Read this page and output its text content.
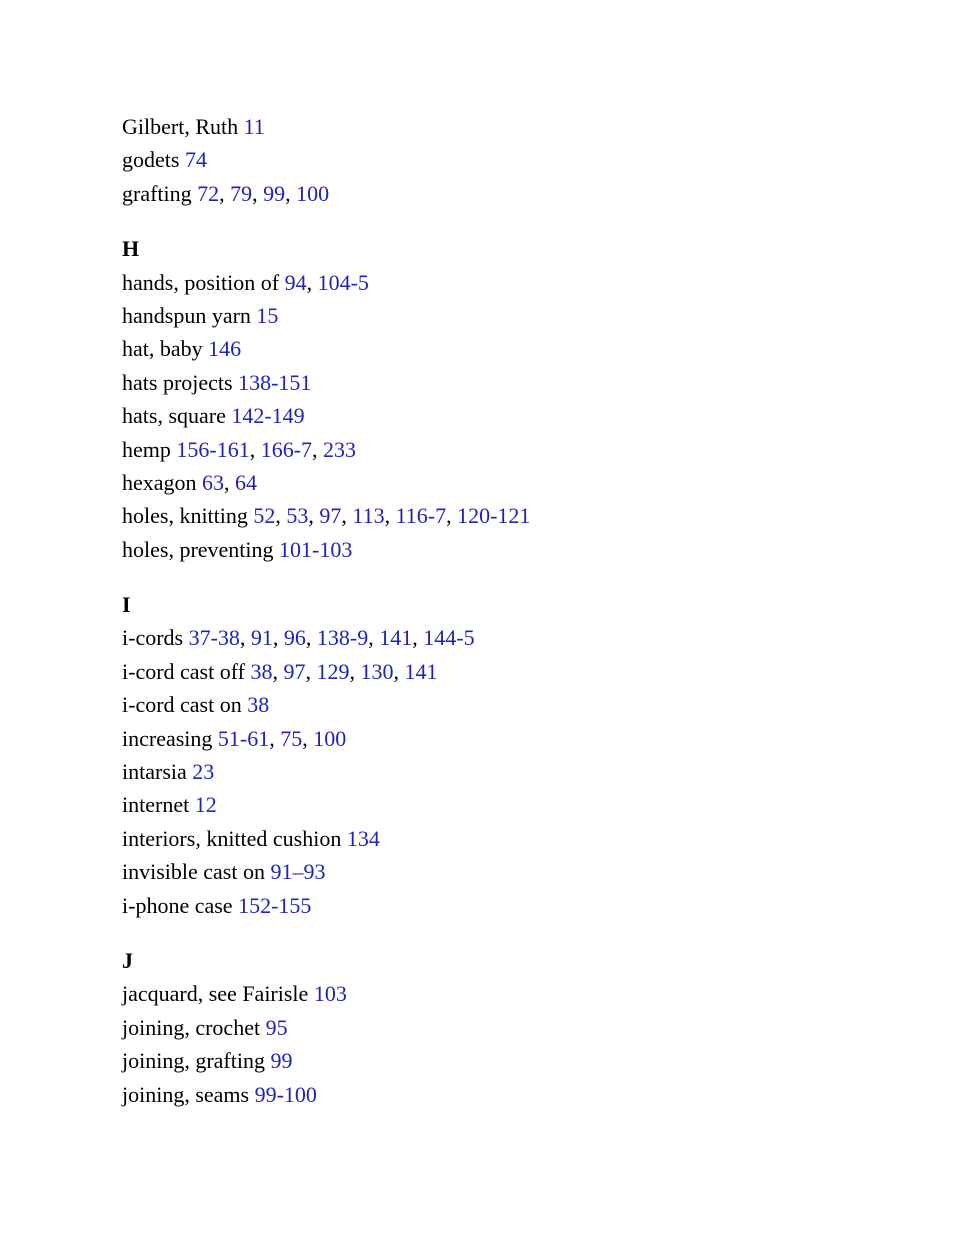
Gilbert, Ruth 11
godets 74
grafting 72, 79, 99, 100
H
hands, position of 94, 104-5
handspun yarn 15
hat, baby 146
hats projects 138-151
hats, square 142-149
hemp 156-161, 166-7, 233
hexagon 63, 64
holes, knitting 52, 53, 97, 113, 116-7, 120-121
holes, preventing 101-103
I
i-cords 37-38, 91, 96, 138-9, 141, 144-5
i-cord cast off 38, 97, 129, 130, 141
i-cord cast on 38
increasing 51-61, 75, 100
intarsia 23
internet 12
interiors, knitted cushion 134
invisible cast on 91–93
i-phone case 152-155
J
jacquard, see Fairisle 103
joining, crochet 95
joining, grafting 99
joining, seams 99-100
